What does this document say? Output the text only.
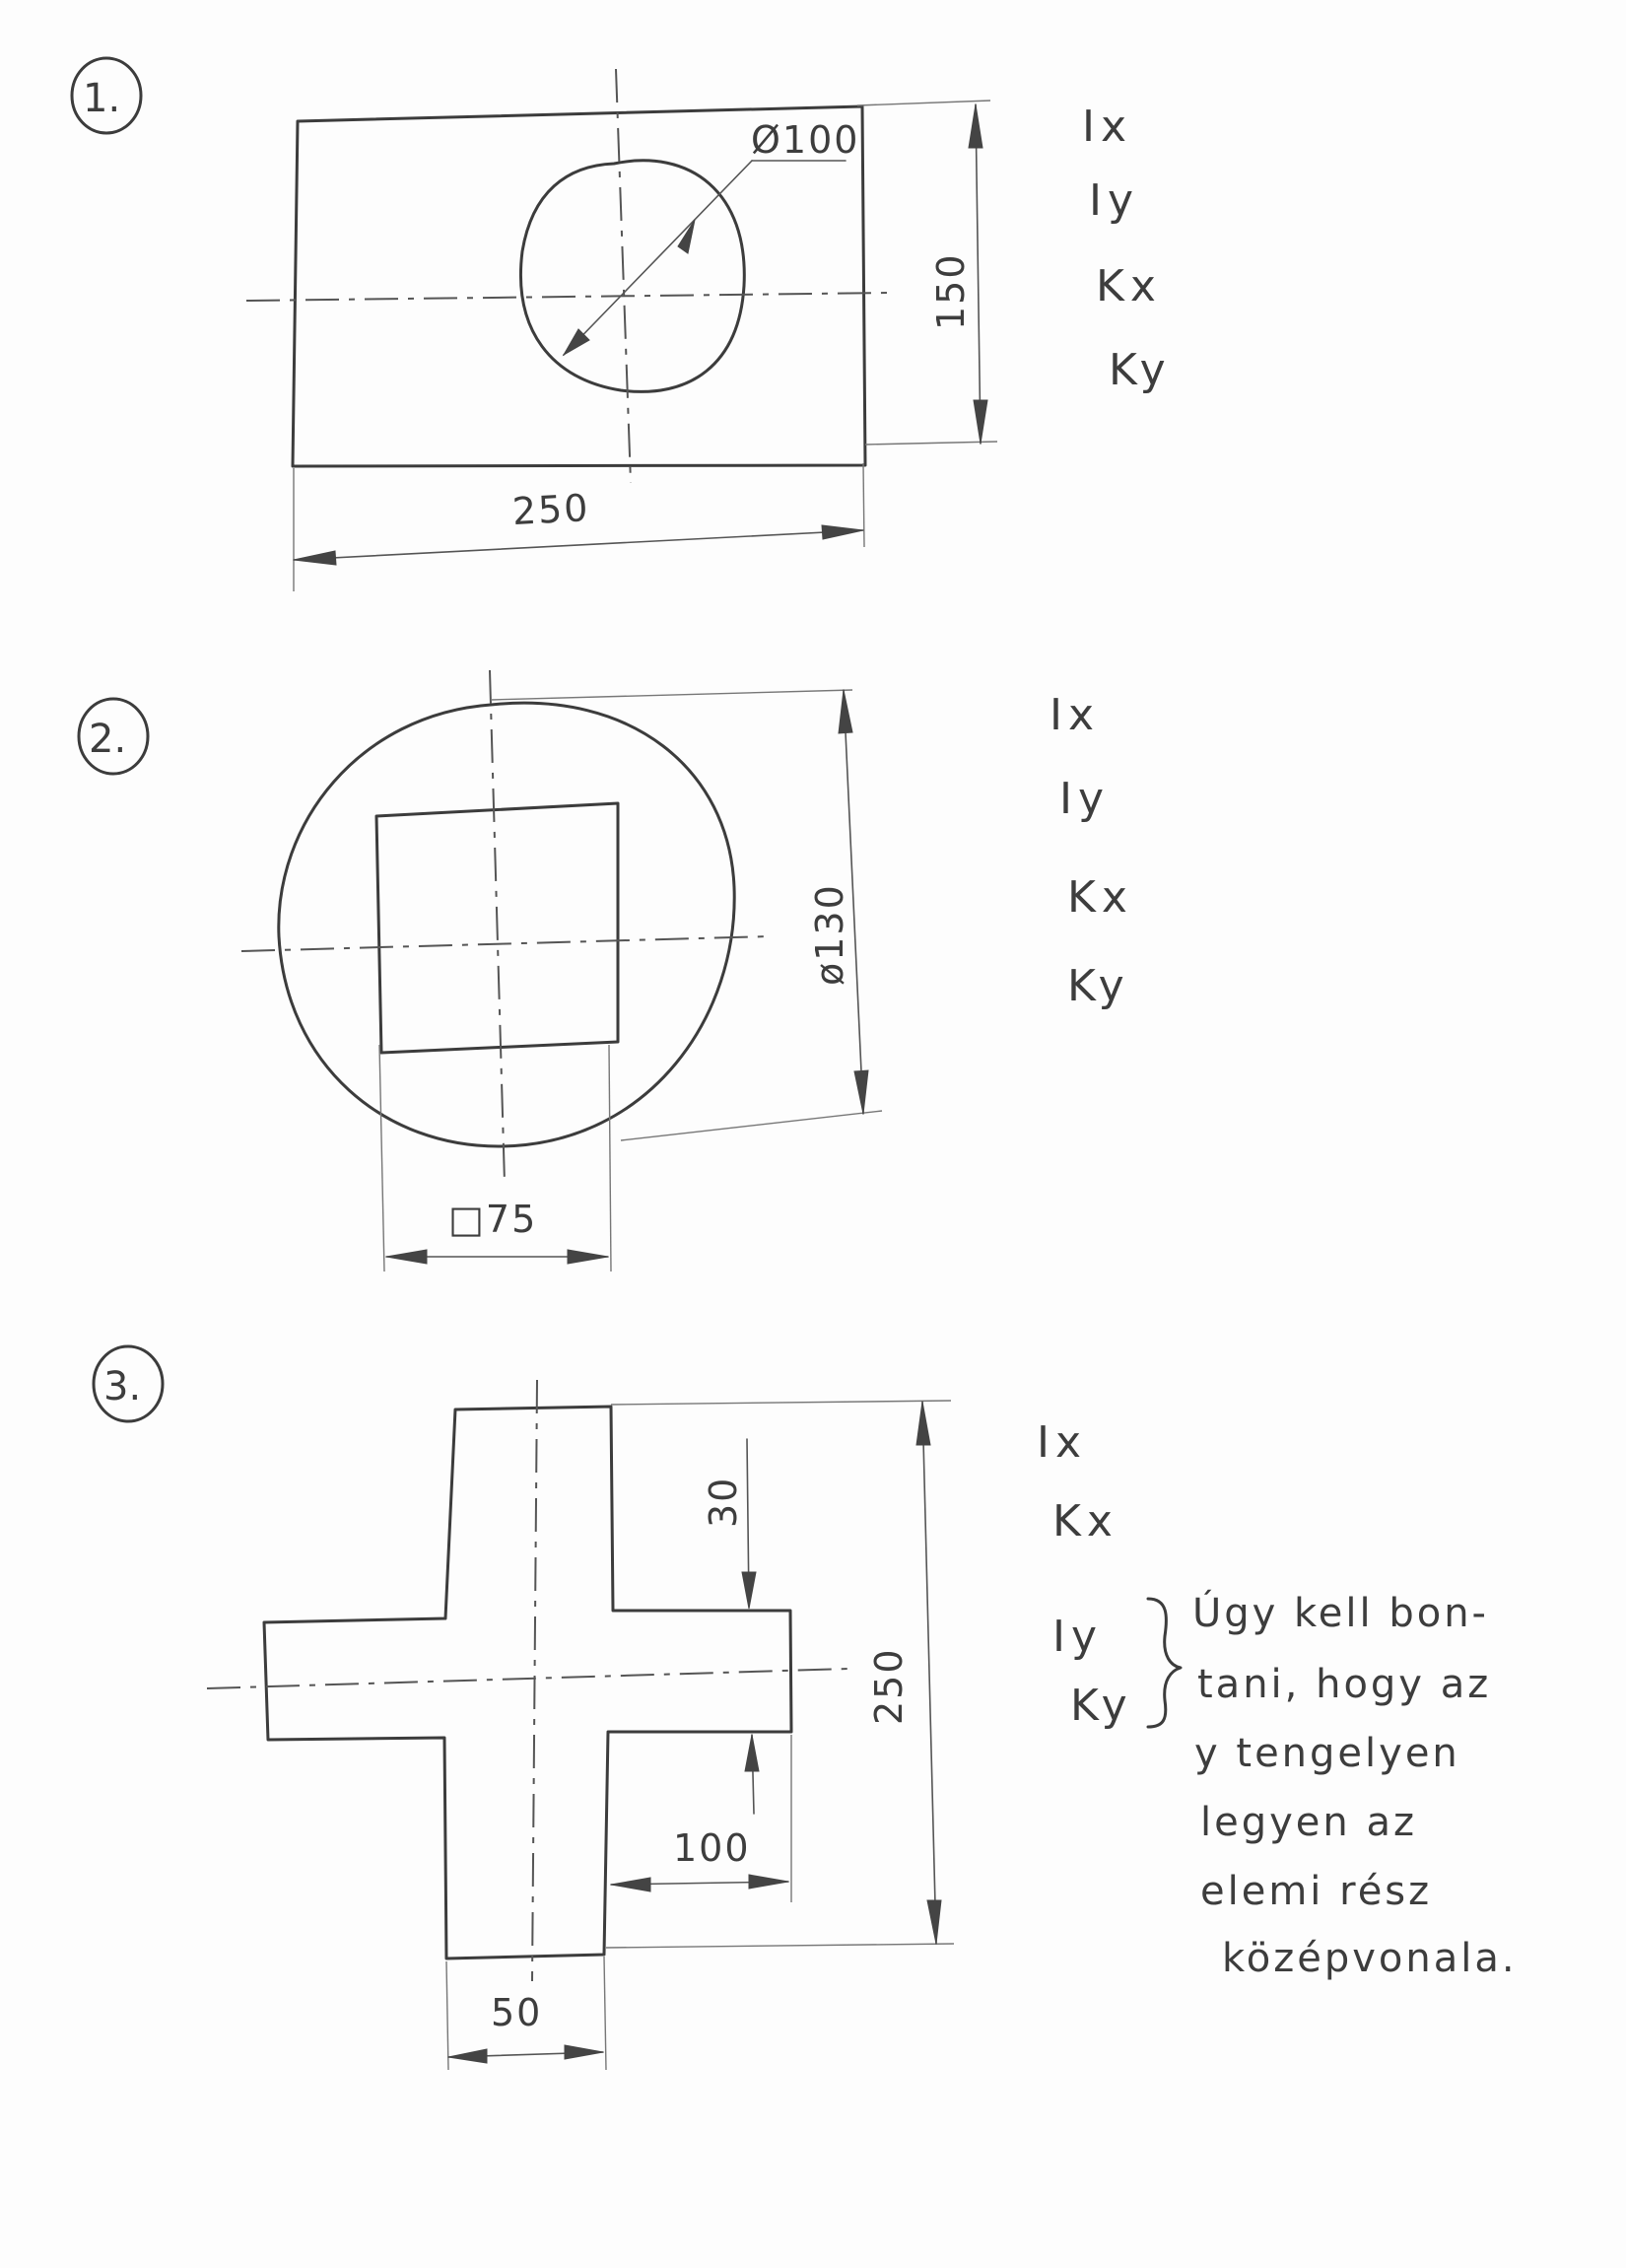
1.
Ø100
150
250
Ix
Iy
Kx
Ky
2.
ø130
□75
Ix
Iy
Kx
Ky
3.
30
250
100
50
Ix
Kx
Iy
Ky
Úgy kell bon-
tani, hogy az
y tengelyen
legyen az
elemi rész
középvonala.
